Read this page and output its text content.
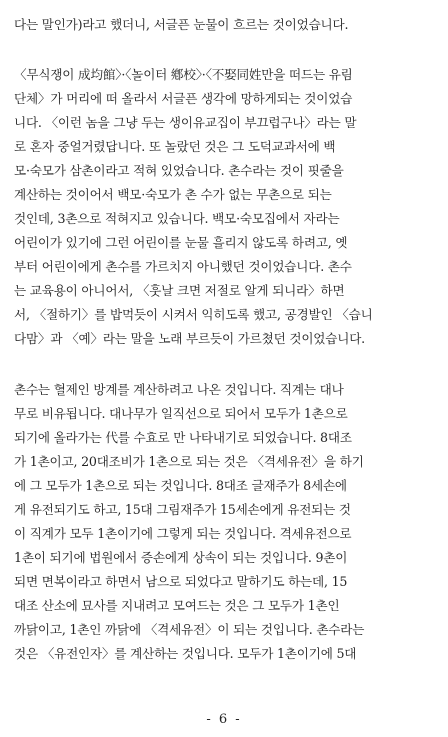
다는 말인가)라고 했더니, 서글픈 눈물이 흐르는 것이었습니다.
〈무식쟁이 成均館〉·〈놀이터 鄕校〉·〈不娶同姓만을 떠드는 유림
단체〉가 머리에 떠 올라서 서글픈 생각에 망하게되는 것이었습
니다. 〈이런 놈을 그냥 두는 생이유교집이 부끄럽구나〉라는 말
로 혼자 중얼거렸답니다. 또 놀랐던 것은 그 도덕교과서에 백
모·숙모가 삼촌이라고 적혀 있었습니다. 촌수라는 것이 핏줄을
계산하는 것이어서 백모·숙모가 촌 수가 없는 무촌으로 되는
것인데, 3촌으로 적혀지고 있습니다. 백모·숙모집에서 자라는
어린이가 있기에 그런 어린이를 눈물 흘리지 않도록 하려고, 옛
부터 어린이에게 촌수를 가르치지 아니했던 것이었습니다. 촌수
는 교육용이 아니어서, 〈훗날 크면 저절로 알게 되니라〉하면
서, 〈절하기〉를 밥먹듯이 시켜서 익히도록 했고, 공경발인 〈습니
다맘〉과 〈예〉라는 말을 노래 부르듯이 가르쳤던 것이었습니다.
촌수는 혈제인 방계를 계산하려고 나온 것입니다. 직계는 대나
무로 비유됩니다. 대나무가 일직선으로 되어서 모두가 1촌으로
되기에 올라가는 代를 수효로 만 나타내기로 되었습니다. 8대조
가 1촌이고, 20대조비가 1촌으로 되는 것은 〈격세유전〉을 하기
에 그 모두가 1촌으로 되는 것입니다. 8대조 글재주가 8세손에
게 유전되기도 하고, 15대 그림재주가 15세손에게 유전되는 것
이 직계가 모두 1촌이기에 그렇게 되는 것입니다. 격세유전으로
1촌이 되기에 법원에서 증손에게 상속이 되는 것입니다. 9촌이
되면 면복이라고 하면서 남으로 되었다고 말하기도 하는데, 15
대조 산소에 묘사를 지내려고 모여드는 것은 그 모두가 1촌인
까닭이고, 1촌인 까닭에 〈격세유전〉이 되는 것입니다. 촌수라는
것은 〈유전인자〉를 계산하는 것입니다. 모두가 1촌이기에 5대
- 6 -
